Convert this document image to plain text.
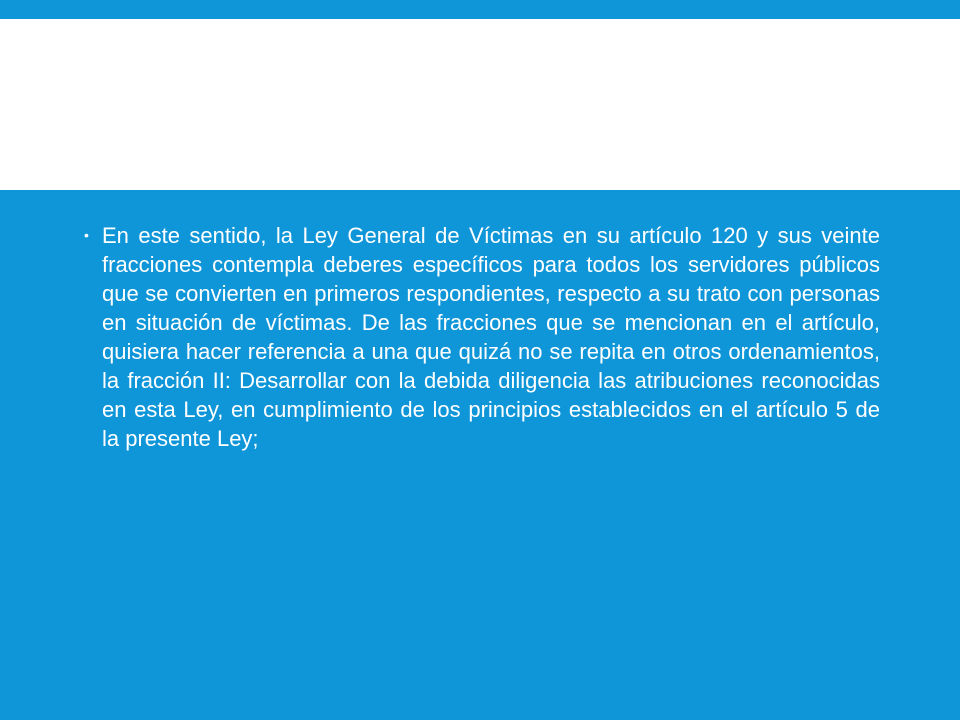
• En este sentido, la Ley General de Víctimas en su artículo 120 y sus veinte fracciones contempla deberes específicos para todos los servidores públicos que se convierten en primeros respondientes, respecto a su trato con personas en situación de víctimas. De las fracciones que se mencionan en el artículo, quisiera hacer referencia a una que quizá no se repita en otros ordenamientos, la fracción II: Desarrollar con la debida diligencia las atribuciones reconocidas en esta Ley, en cumplimiento de los principios establecidos en el artículo 5 de la presente Ley;
